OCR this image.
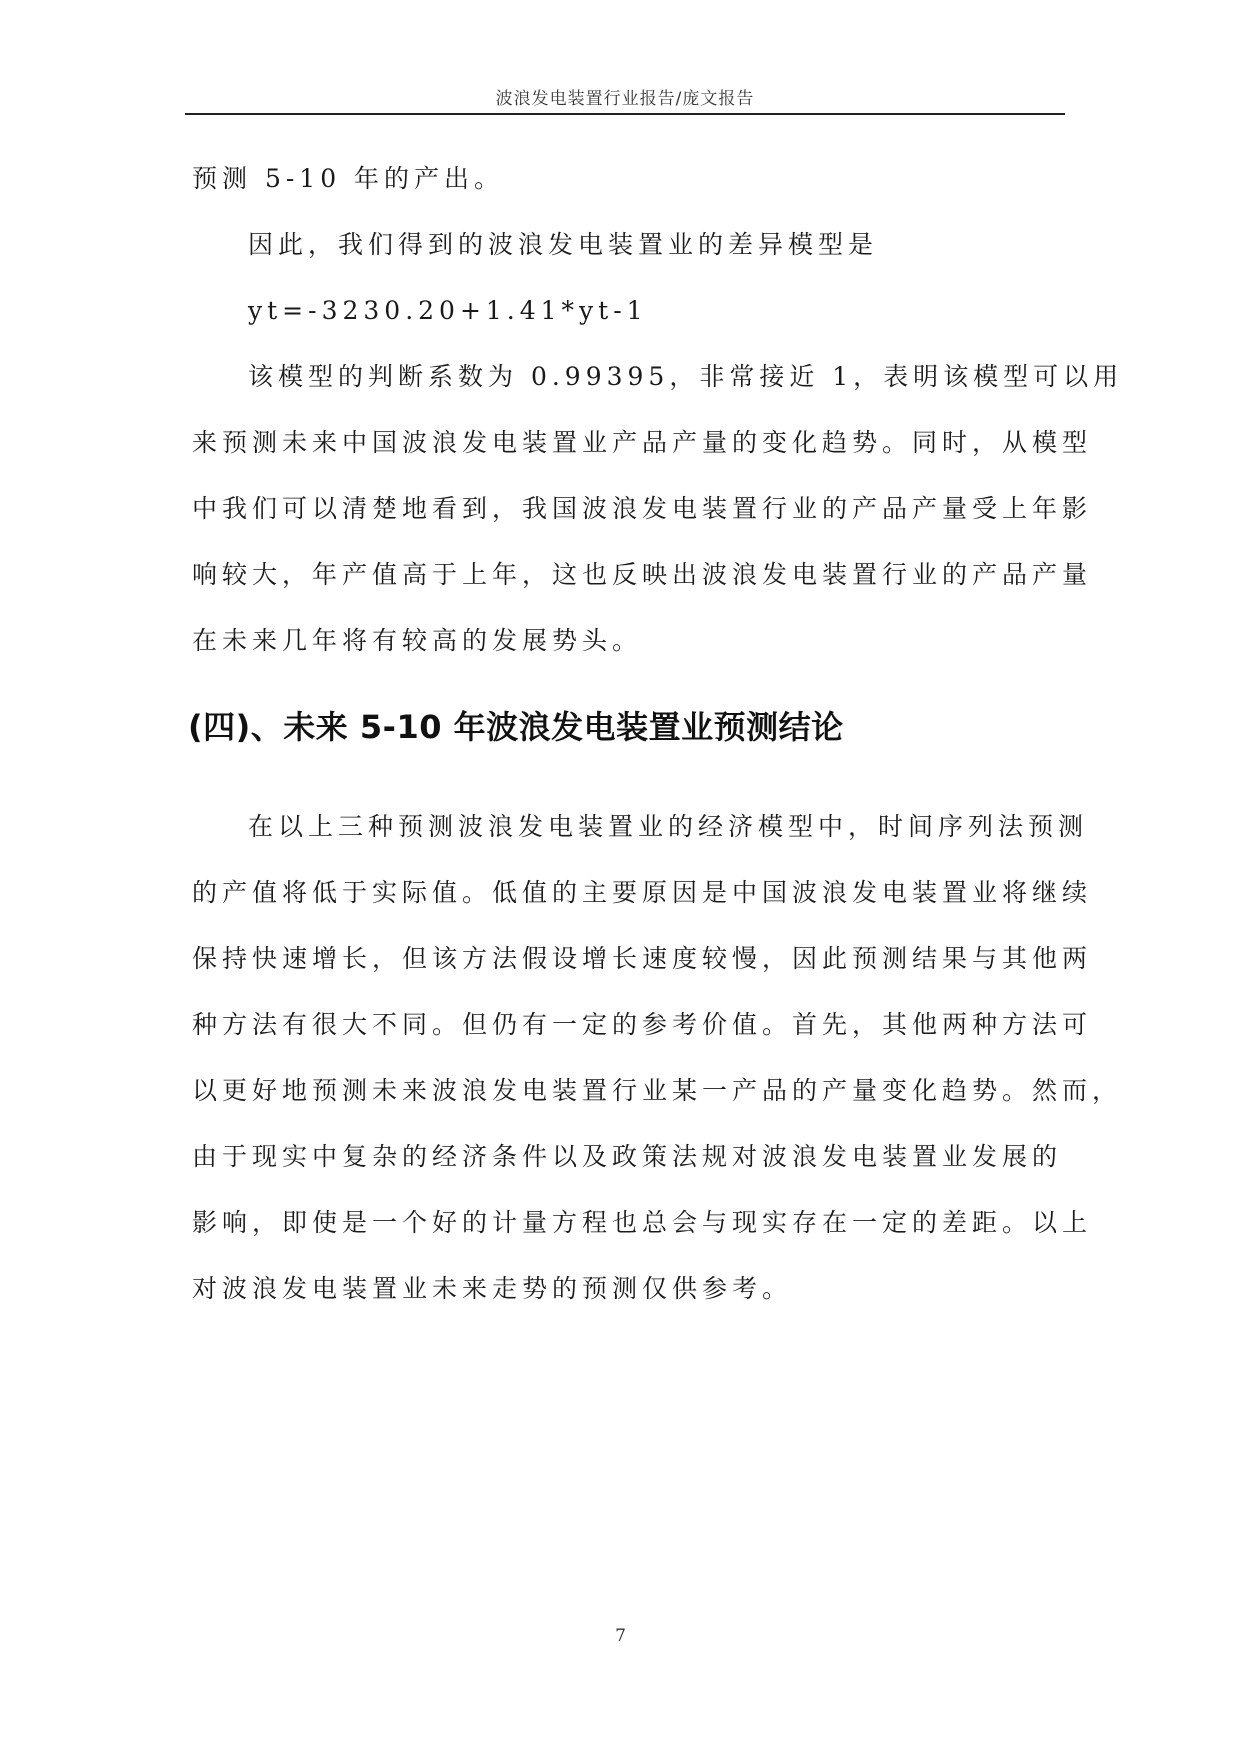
波浪发电装置行业报告/庞文报告
预测 5-10 年的产出。
因此，我们得到的波浪发电装置业的差异模型是
yt=-3230.20+1.41*yt-1
该模型的判断系数为 0.99395，非常接近 1，表明该模型可以用
来预测未来中国波浪发电装置业产品产量的变化趋势。同时，从模型
中我们可以清楚地看到，我国波浪发电装置行业的产品产量受上年影
响较大，年产值高于上年，这也反映出波浪发电装置行业的产品产量
在未来几年将有较高的发展势头。
(四)、未来 5-10 年波浪发电装置业预测结论
在以上三种预测波浪发电装置业的经济模型中，时间序列法预测
的产值将低于实际值。低值的主要原因是中国波浪发电装置业将继续
保持快速增长，但该方法假设增长速度较慢，因此预测结果与其他两
种方法有很大不同。但仍有一定的参考价值。首先，其他两种方法可
以更好地预测未来波浪发电装置行业某一产品的产量变化趋势。然而，
由于现实中复杂的经济条件以及政策法规对波浪发电装置业发展的
影响，即使是一个好的计量方程也总会与现实存在一定的差距。以上
对波浪发电装置业未来走势的预测仅供参考。
7
